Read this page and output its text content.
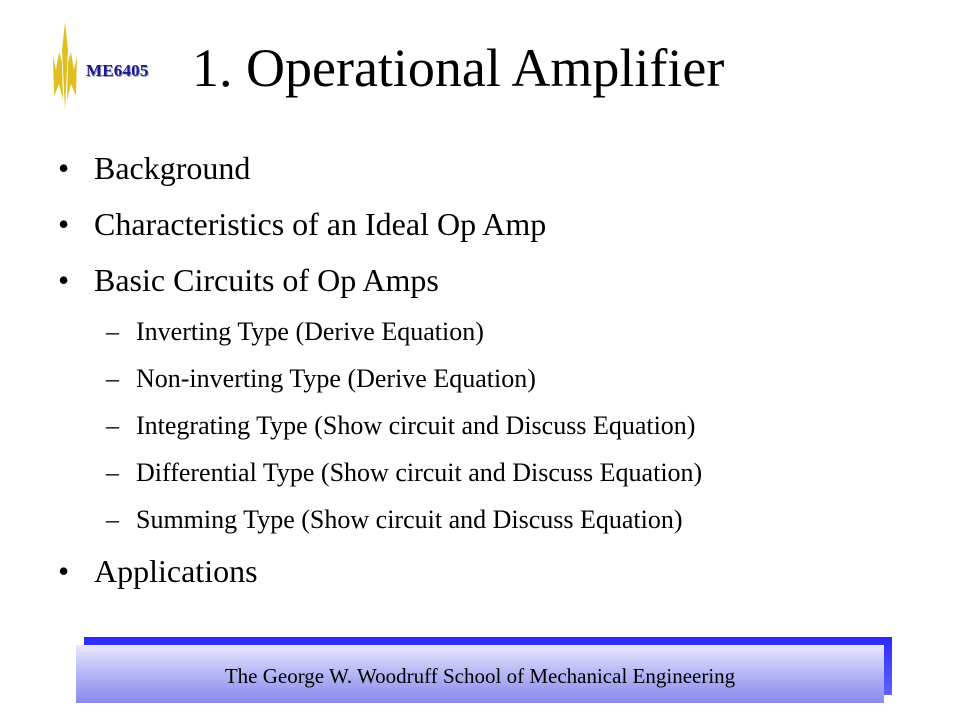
ME6405 1. Operational Amplifier
• Background
• Characteristics of an Ideal Op Amp
• Basic Circuits of Op Amps
– Inverting Type (Derive Equation)
– Non-inverting Type (Derive Equation)
– Integrating Type (Show circuit and Discuss Equation)
– Differential Type (Show circuit and Discuss Equation)
– Summing Type (Show circuit and Discuss Equation)
• Applications
The George W. Woodruff School of Mechanical Engineering
